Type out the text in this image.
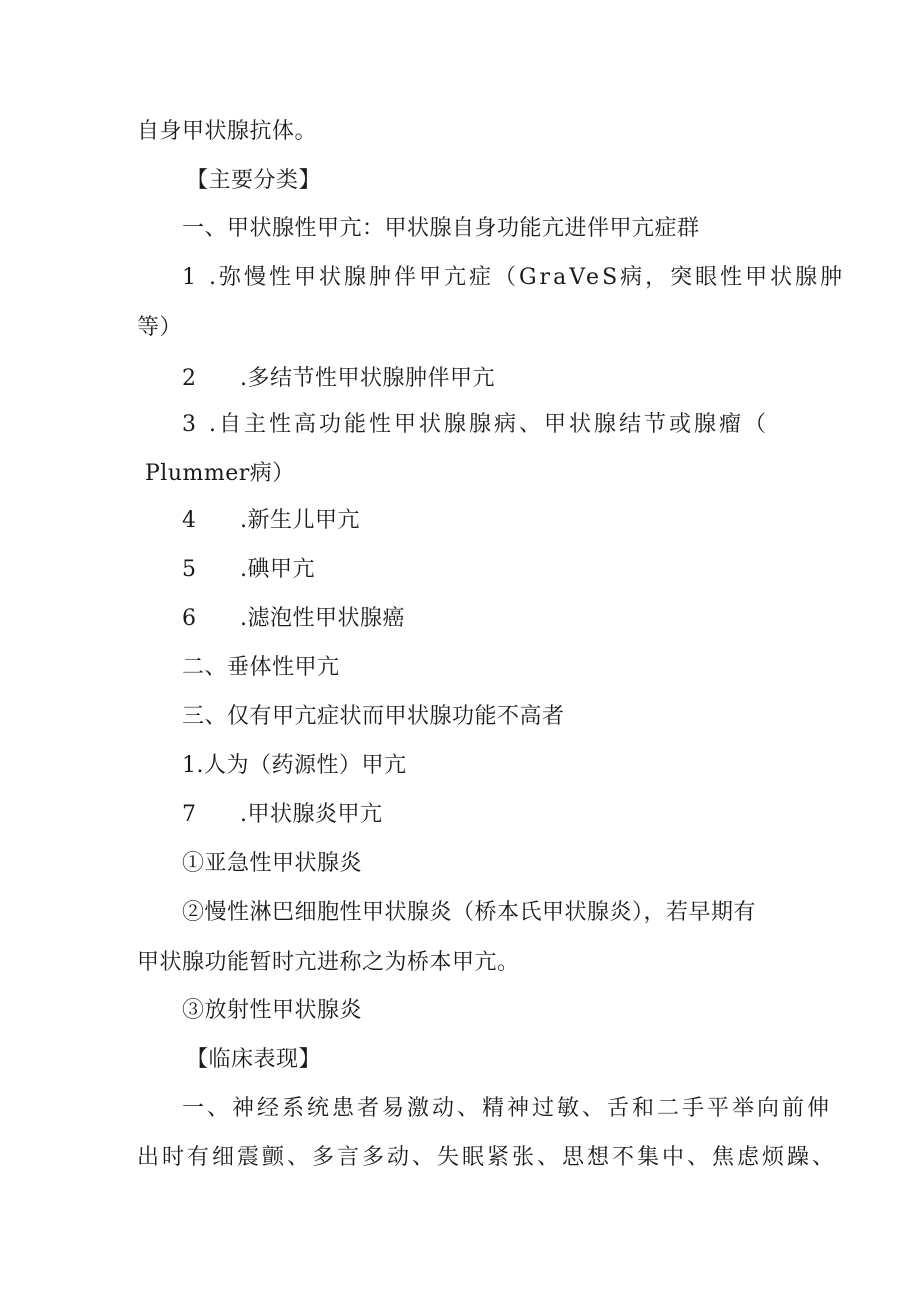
自身甲状腺抗体。
【主要分类】
一、甲状腺性甲亢：甲状腺自身功能亢进伴甲亢症群
1 .弥慢性甲状腺肿伴甲亢症（GraVeS病，突眼性甲状腺肿
等）
2 .多结节性甲状腺肿伴甲亢
3 .自主性高功能性甲状腺腺病、甲状腺结节或腺瘤（
Plummer病）
4 .新生儿甲亢
5 .碘甲亢
6 .滤泡性甲状腺癌
二、垂体性甲亢
三、仅有甲亢症状而甲状腺功能不高者
1.人为（药源性）甲亢
7 .甲状腺炎甲亢
①亚急性甲状腺炎
②慢性淋巴细胞性甲状腺炎（桥本氏甲状腺炎），若早期有
甲状腺功能暂时亢进称之为桥本甲亢。
③放射性甲状腺炎
【临床表现】
一、神经系统患者易激动、精神过敏、舌和二手平举向前伸
出时有细震颤、多言多动、失眠紧张、思想不集中、焦虑烦躁、
